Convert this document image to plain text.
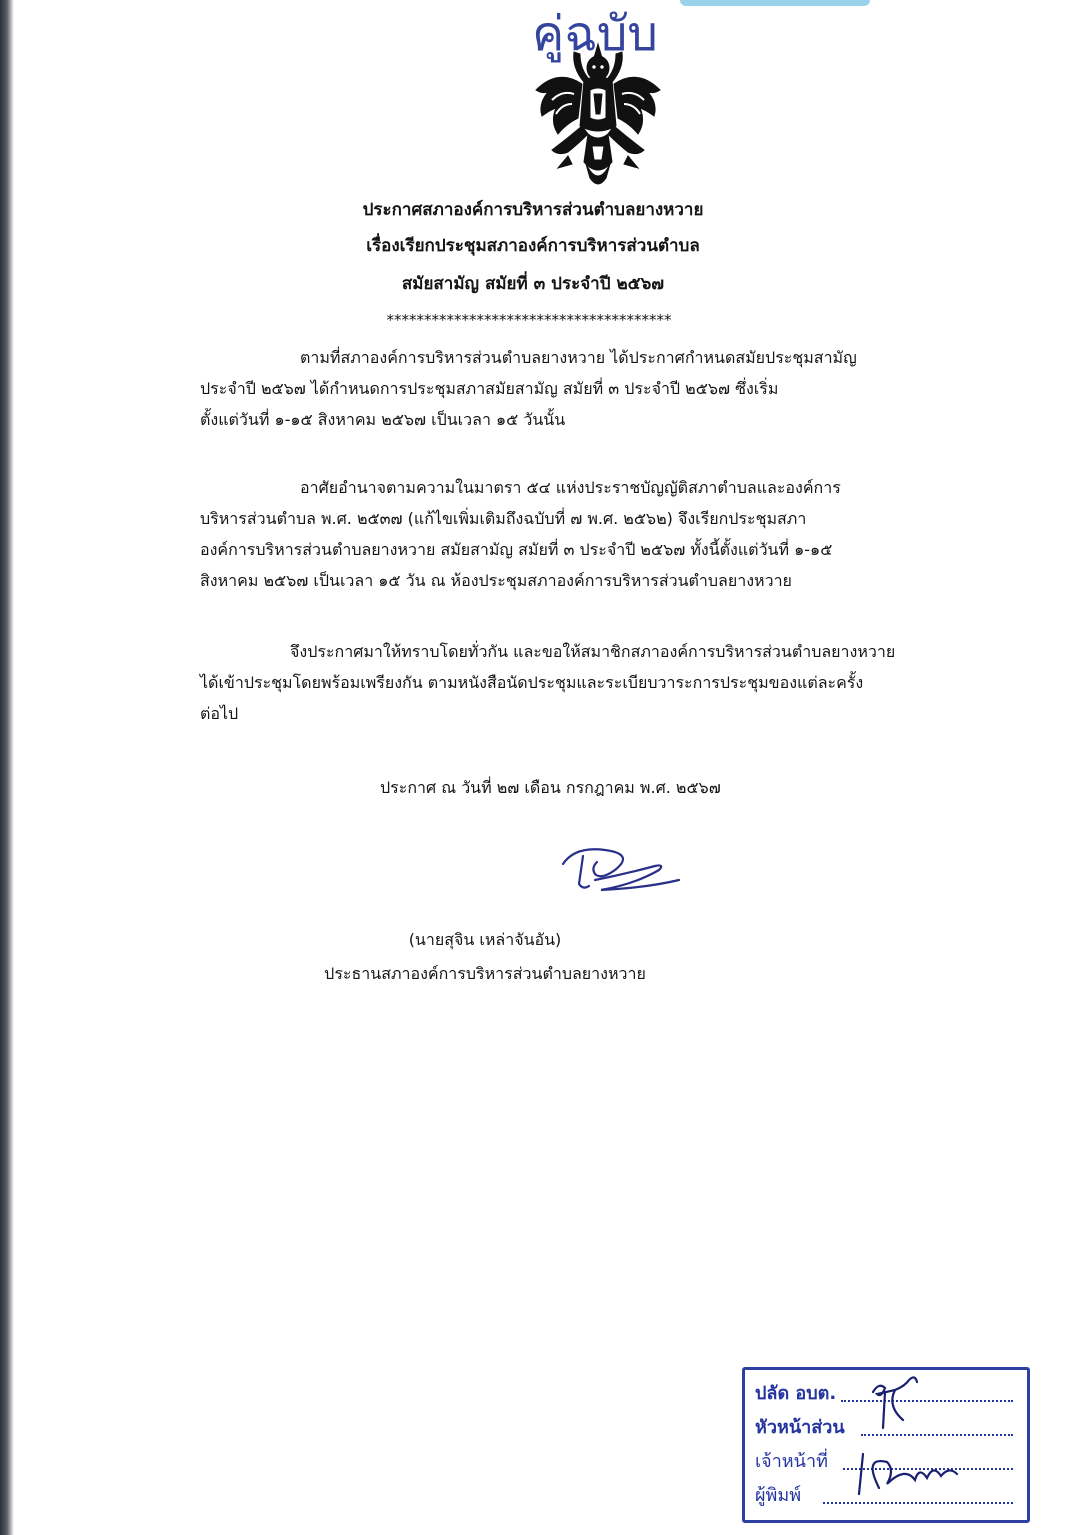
คู่ฉบับ
ประกาศสภาองค์การบริหารส่วนตำบลยางหวาย
เรื่องเรียกประชุมสภาองค์การบริหารส่วนตำบล
สมัยสามัญ สมัยที่ ๓ ประจำปี ๒๕๖๗
**************************************
ตามที่สภาองค์การบริหารส่วนตำบลยางหวาย ได้ประกาศกำหนดสมัยประชุมสามัญ
ประจำปี ๒๕๖๗ ได้กำหนดการประชุมสภาสมัยสามัญ สมัยที่ ๓ ประจำปี ๒๕๖๗ ซึ่งเริ่ม
ตั้งแต่วันที่ ๑-๑๕ สิงหาคม ๒๕๖๗ เป็นเวลา ๑๕ วันนั้น
อาศัยอำนาจตามความในมาตรา ๕๔ แห่งประราชบัญญัติสภาตำบลและองค์การ
บริหารส่วนตำบล พ.ศ. ๒๕๓๗ (แก้ไขเพิ่มเติมถึงฉบับที่ ๗ พ.ศ. ๒๕๖๒) จึงเรียกประชุมสภา
องค์การบริหารส่วนตำบลยางหวาย สมัยสามัญ สมัยที่ ๓ ประจำปี ๒๕๖๗ ทั้งนี้ตั้งแต่วันที่ ๑-๑๕
สิงหาคม ๒๕๖๗ เป็นเวลา ๑๕ วัน ณ ห้องประชุมสภาองค์การบริหารส่วนตำบลยางหวาย
จึงประกาศมาให้ทราบโดยทั่วกัน และขอให้สมาชิกสภาองค์การบริหารส่วนตำบลยางหวาย
ได้เข้าประชุมโดยพร้อมเพรียงกัน ตามหนังสือนัดประชุมและระเบียบวาระการประชุมของแต่ละครั้ง
ต่อไป
ประกาศ ณ วันที่ ๒๗ เดือน กรกฎาคม พ.ศ. ๒๕๖๗
(นายสุจิน เหล่าจันอัน)
ประธานสภาองค์การบริหารส่วนตำบลยางหวาย
ปลัด อบต.
หัวหน้าส่วน
เจ้าหน้าที่
ผู้พิมพ์
